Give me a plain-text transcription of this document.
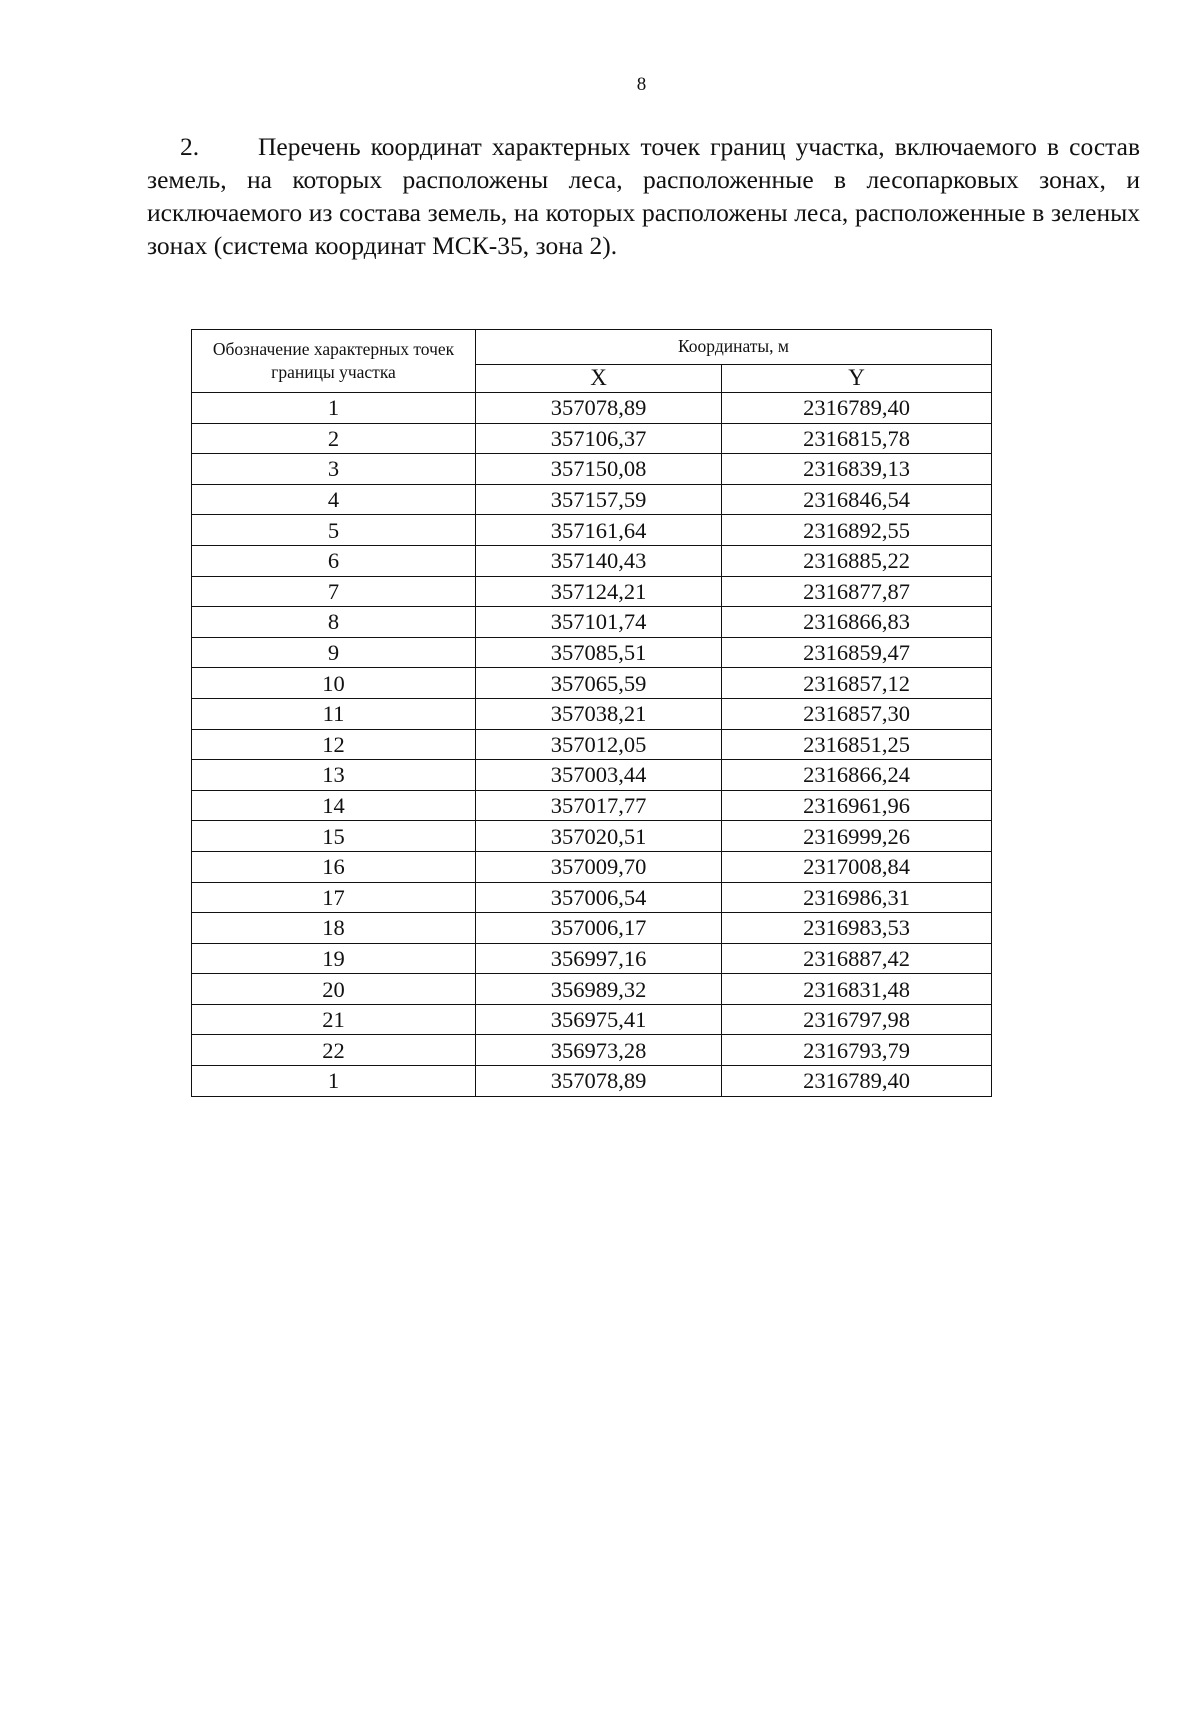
8
2. Перечень координат характерных точек границ участка, включаемого в состав земель, на которых расположены леса, расположенные в лесопарковых зонах, и исключаемого из состава земель, на которых расположены леса, расположенные в зеленых зонах (система координат МСК-35, зона 2).
Обозначение характерных точек границы участка	Координаты, м	
	X	Y
1	357078,89	2316789,40
2	357106,37	2316815,78
3	357150,08	2316839,13
4	357157,59	2316846,54
5	357161,64	2316892,55
6	357140,43	2316885,22
7	357124,21	2316877,87
8	357101,74	2316866,83
9	357085,51	2316859,47
10	357065,59	2316857,12
11	357038,21	2316857,30
12	357012,05	2316851,25
13	357003,44	2316866,24
14	357017,77	2316961,96
15	357020,51	2316999,26
16	357009,70	2317008,84
17	357006,54	2316986,31
18	357006,17	2316983,53
19	356997,16	2316887,42
20	356989,32	2316831,48
21	356975,41	2316797,98
22	356973,28	2316793,79
1	357078,89	2316789,40
